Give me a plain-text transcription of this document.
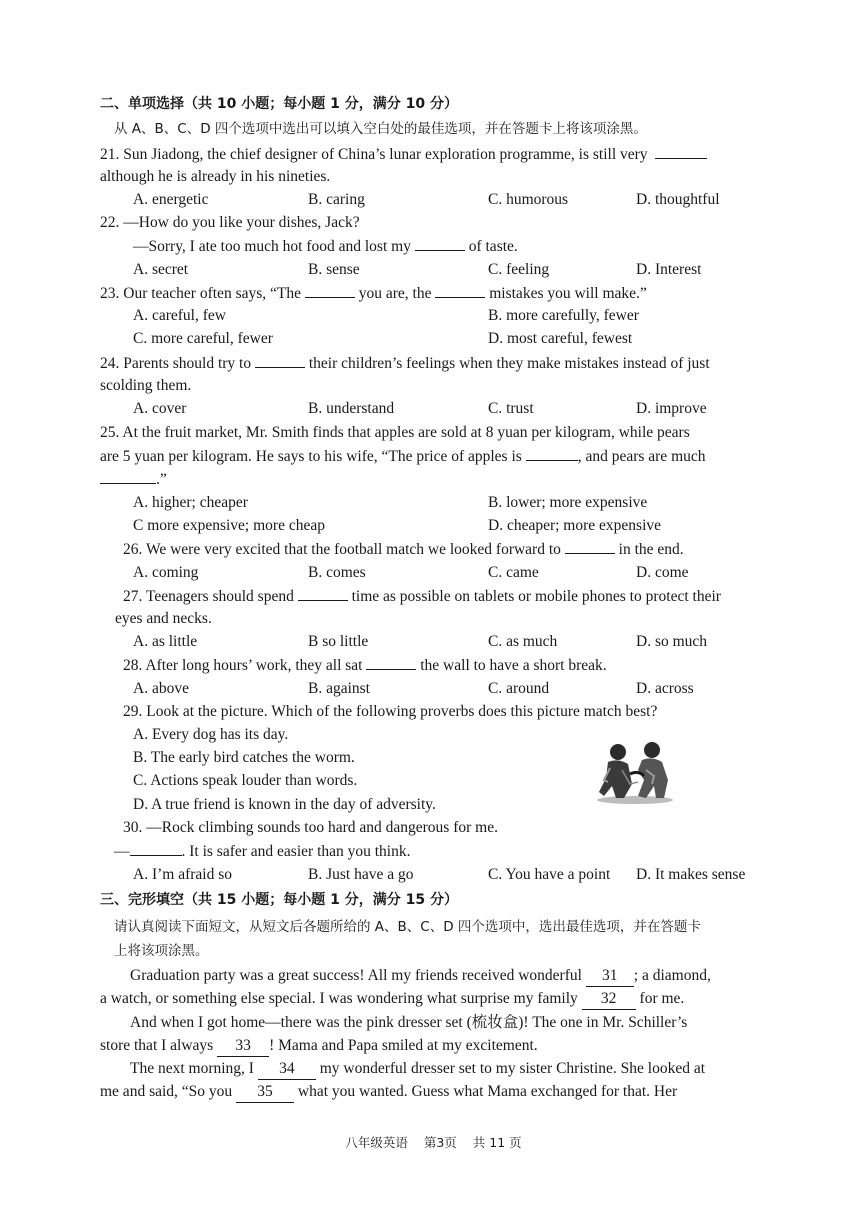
二、单项选择（共 10 小题；每小题 1 分，满分 10 分）
从 A、B、C、D 四个选项中选出可以填入空白处的最佳选项，并在答题卡上将该项涂黑。
21. Sun Jiadong, the chief designer of China’s lunar exploration programme, is still very
although he is already in his nineties.
A. energetic	B. caring	C. humorous	D. thoughtful
22. —How do you like your dishes, Jack?
—Sorry, I ate too much hot food and lost my	of taste.
A. secret	B. sense	C. feeling	D. Interest
23. Our teacher often says, “The	you are, the	mistakes you will make.”
A. careful, few	B. more carefully, fewer
C. more careful, fewer	D. most careful, fewest
24. Parents should try to	their children’s feelings when they make mistakes instead of just
scolding them.
A. cover	B. understand	C. trust	D. improve
25. At the fruit market, Mr. Smith finds that apples are sold at 8 yuan per kilogram, while pears
are 5 yuan per kilogram. He says to his wife, “The price of apples is	, and pears are much
.”
A. higher; cheaper	B. lower; more expensive
C more expensive; more cheap	D. cheaper; more expensive
26. We were very excited that the football match we looked forward to	in the end.
A. coming	B. comes	C. came	D. come
27. Teenagers should spend	time as possible on tablets or mobile phones to protect their
eyes and necks.
A. as little	B so little	C. as much	D. so much
28. After long hours’ work, they all sat	the wall to have a short break.
A. above	B. against	C. around	D. across
29. Look at the picture. Which of the following proverbs does this picture match best?
A. Every dog has its day.
B. The early bird catches the worm.
C. Actions speak louder than words.
D. A true friend is known in the day of adversity.
30. —Rock climbing sounds too hard and dangerous for me.
—	. It is safer and easier than you think.
A. I’m afraid so	B. Just have a go	C. You have a point D. It makes sense
三、完形填空（共 15 小题；每小题 1 分，满分 15 分）
请认真阅读下面短文，从短文后各题所给的 A、B、C、D 四个选项中，选出最佳选项，并在答题卡
上将该项涂黑。
Graduation party was a great success! All my friends received wonderful 31 ; a diamond,
a watch, or something else special. I was wondering what surprise my family 32 for me.
And when I got home—there was the pink dresser set (梳妆盒)! The one in Mr. Schiller’s
store that I always 33 ! Mama and Papa smiled at my excitement.
The next morning, I 34 my wonderful dresser set to my sister Christine. She looked at
me and said, “So you 35 what you wanted. Guess what Mama exchanged for that. Her
八年级英语 第3页 共 11 页
